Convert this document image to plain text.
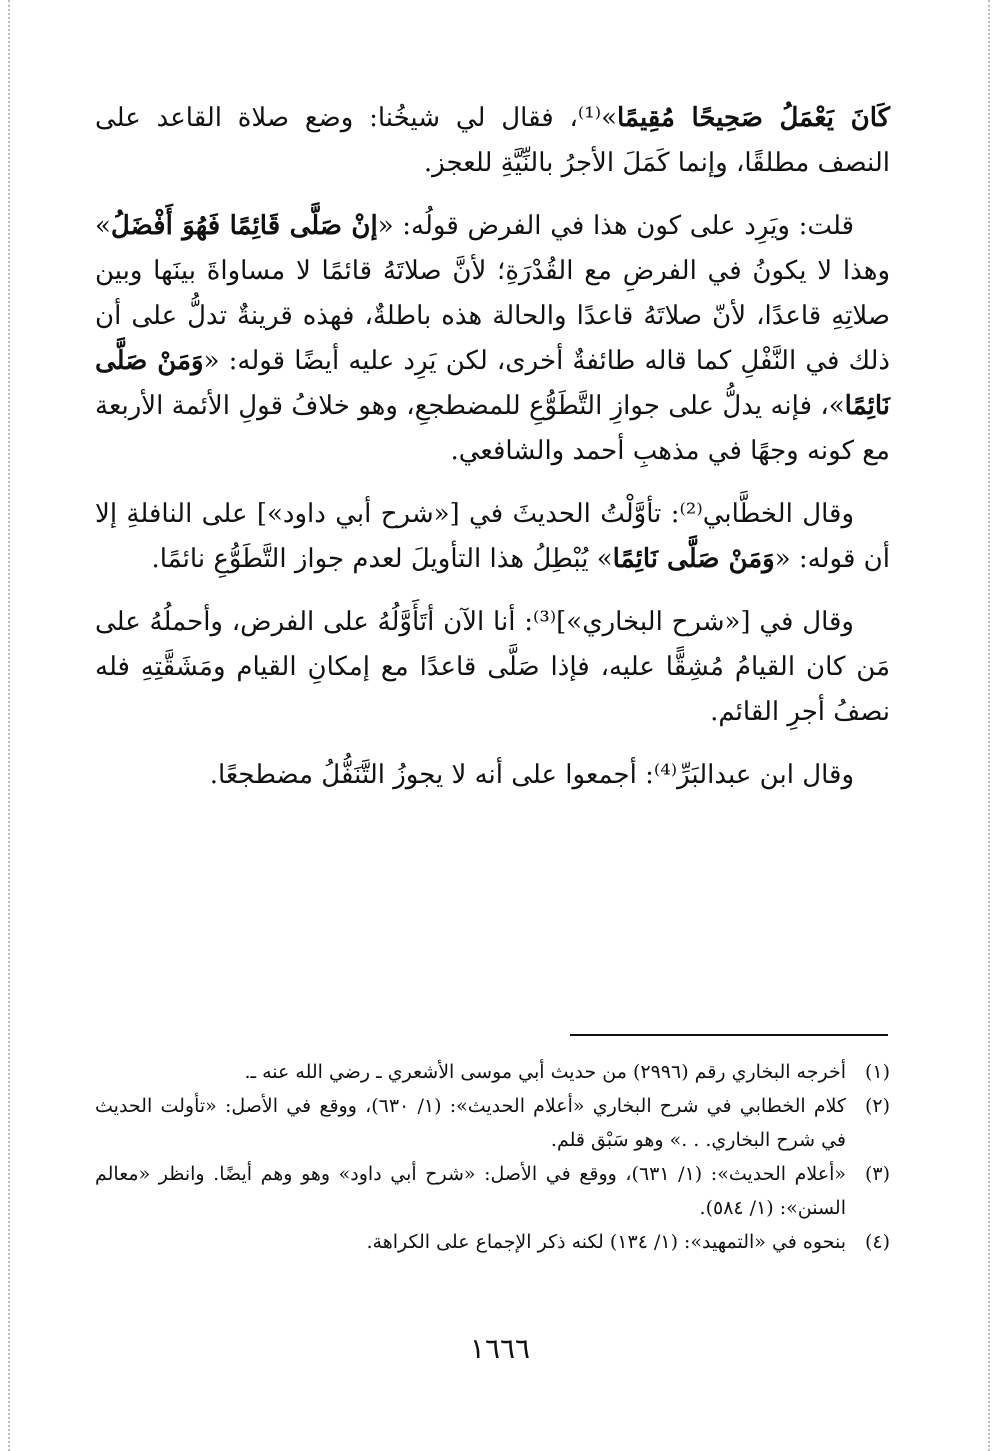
كَانَ يَعْمَلُ صَحِيحًا مُقِيمًا»⁽¹⁾، فقال لي شيخُنا: وضع صلاة القاعد على النصف مطلقًا، وإنما كَمَلَ الأجرُ بالنِّيَّةِ للعجز.

قلت: ويَرِد على كون هذا في الفرض قولُه: «إنْ صَلَّى قَائِمًا فَهُوَ أَفْضَلُ» وهذا لا يكونُ في الفرضِ مع القُدْرَةِ؛ لأنَّ صلاتَهُ قائمًا لا مساواةَ بينَها وبين صلاتِهِ قاعدًا، لأنّ صلاتَهُ قاعدًا والحالة هذه باطلةٌ، فهذه قرينةٌ تدلُّ على أن ذلك في النَّفْلِ كما قاله طائفةٌ أخرى، لكن يَرِد عليه أيضًا قوله: «وَمَنْ صَلَّى نَائِمًا»، فإنه يدلُّ على جوازِ التَّطَوُّعِ للمضطجعِ، وهو خلافُ قولِ الأئمة الأربعة مع كونه وجهًا في مذهبِ أحمد والشافعي.

وقال الخطَّابي⁽²⁾: تأوَّلْتُ الحديثَ في [«شرح أبي داود»] على النافلةِ إلا أن قوله: «وَمَنْ صَلَّى نَائِمًا» يُبْطِلُ هذا التأويلَ لعدم جواز التَّطَوُّعِ نائمًا.

وقال في [«شرح البخاري»]⁽³⁾: أنا الآن أتَأَوَّلُهُ على الفرض، وأحملُهُ على مَن كان القيامُ مُشِقًّا عليه، فإذا صَلَّى قاعدًا مع إمكانِ القيام ومَشَقَّتِهِ فله نصفُ أجرِ القائم.

وقال ابن عبدالبَرِّ⁽⁴⁾: أجمعوا على أنه لا يجوزُ التَّنَفُّلُ مضطجعًا.

(١)
أخرجه البخاري رقم (٢٩٩٦) من حديث أبي موسى الأشعري ـ رضي الله عنه ـ.
(٢)
كلام الخطابي في شرح البخاري «أعلام الحديث»: (١/ ٦٣٠)، ووقع في الأصل: «تأولت الحديث في شرح البخاري. . .» وهو سَبْق قلم.
(٣)
«أعلام الحديث»: (١/ ٦٣١)، ووقع في الأصل: «شرح أبي داود» وهو وهم أيضًا. وانظر «معالم السنن»: (١/ ٥٨٤).
(٤)
بنحوه في «التمهيد»: (١/ ١٣٤) لكنه ذكر الإجماع على الكراهة.
١٦٦٦
